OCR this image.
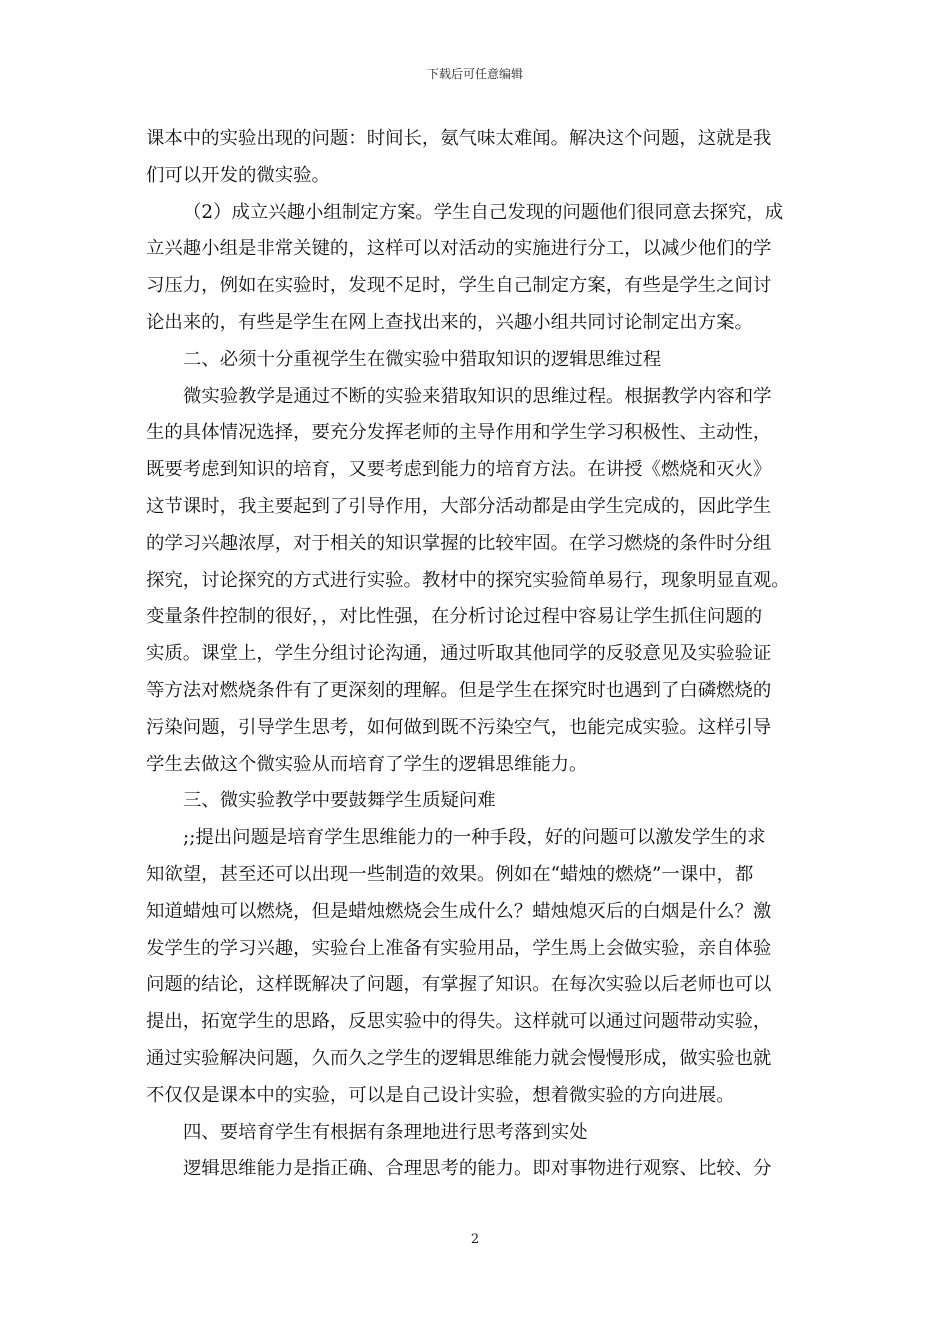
下载后可任意编辑
课本中的实验出现的问题：时间长，氨气味太难闻。解决这个问题，这就是我
们可以开发的微实验。
（2）成立兴趣小组制定方案。学生自己发现的问题他们很同意去探究，成
立兴趣小组是非常关键的，这样可以对活动的实施进行分工，以减少他们的学
习压力，例如在实验时，发现不足时，学生自己制定方案，有些是学生之间讨
论出来的，有些是学生在网上查找出来的，兴趣小组共同讨论制定出方案。
二、必须十分重视学生在微实验中猎取知识的逻辑思维过程
微实验教学是通过不断的实验来猎取知识的思维过程。根据教学内容和学
生的具体情况选择，要充分发挥老师的主导作用和学生学习积极性、主动性，
既要考虑到知识的培育，又要考虑到能力的培育方法。在讲授《燃烧和灭火》
这节课时，我主要起到了引导作用，大部分活动都是由学生完成的，因此学生
的学习兴趣浓厚，对于相关的知识掌握的比较牢固。在学习燃烧的条件时分组
探究，讨论探究的方式进行实验。教材中的探究实验简单易行，现象明显直观。
变量条件控制的很好，，对比性强，在分析讨论过程中容易让学生抓住问题的
实质。课堂上，学生分组讨论沟通，通过听取其他同学的反驳意见及实验验证
等方法对燃烧条件有了更深刻的理解。但是学生在探究时也遇到了白磷燃烧的
污染问题，引导学生思考，如何做到既不污染空气，也能完成实验。这样引导
学生去做这个微实验从而培育了学生的逻辑思维能力。
三、微实验教学中要鼓舞学生质疑问难
;;提出问题是培育学生思维能力的一种手段，好的问题可以激发学生的求
知欲望，甚至还可以出现一些制造的效果。例如在“蜡烛的燃烧”一课中，都
知道蜡烛可以燃烧，但是蜡烛燃烧会生成什么？蜡烛熄灭后的白烟是什么？激
发学生的学习兴趣，实验台上准备有实验用品，学生馬上会做实验，亲自体验
问题的结论，这样既解决了问题，有掌握了知识。在每次实验以后老师也可以
提出，拓宽学生的思路，反思实验中的得失。这样就可以通过问题带动实验，
通过实验解决问题，久而久之学生的逻辑思维能力就会慢慢形成，做实验也就
不仅仅是课本中的实验，可以是自己设计实验，想着微实验的方向进展。
四、要培育学生有根据有条理地进行思考落到实处
逻辑思维能力是指正确、合理思考的能力。即对事物进行观察、比较、分
2
